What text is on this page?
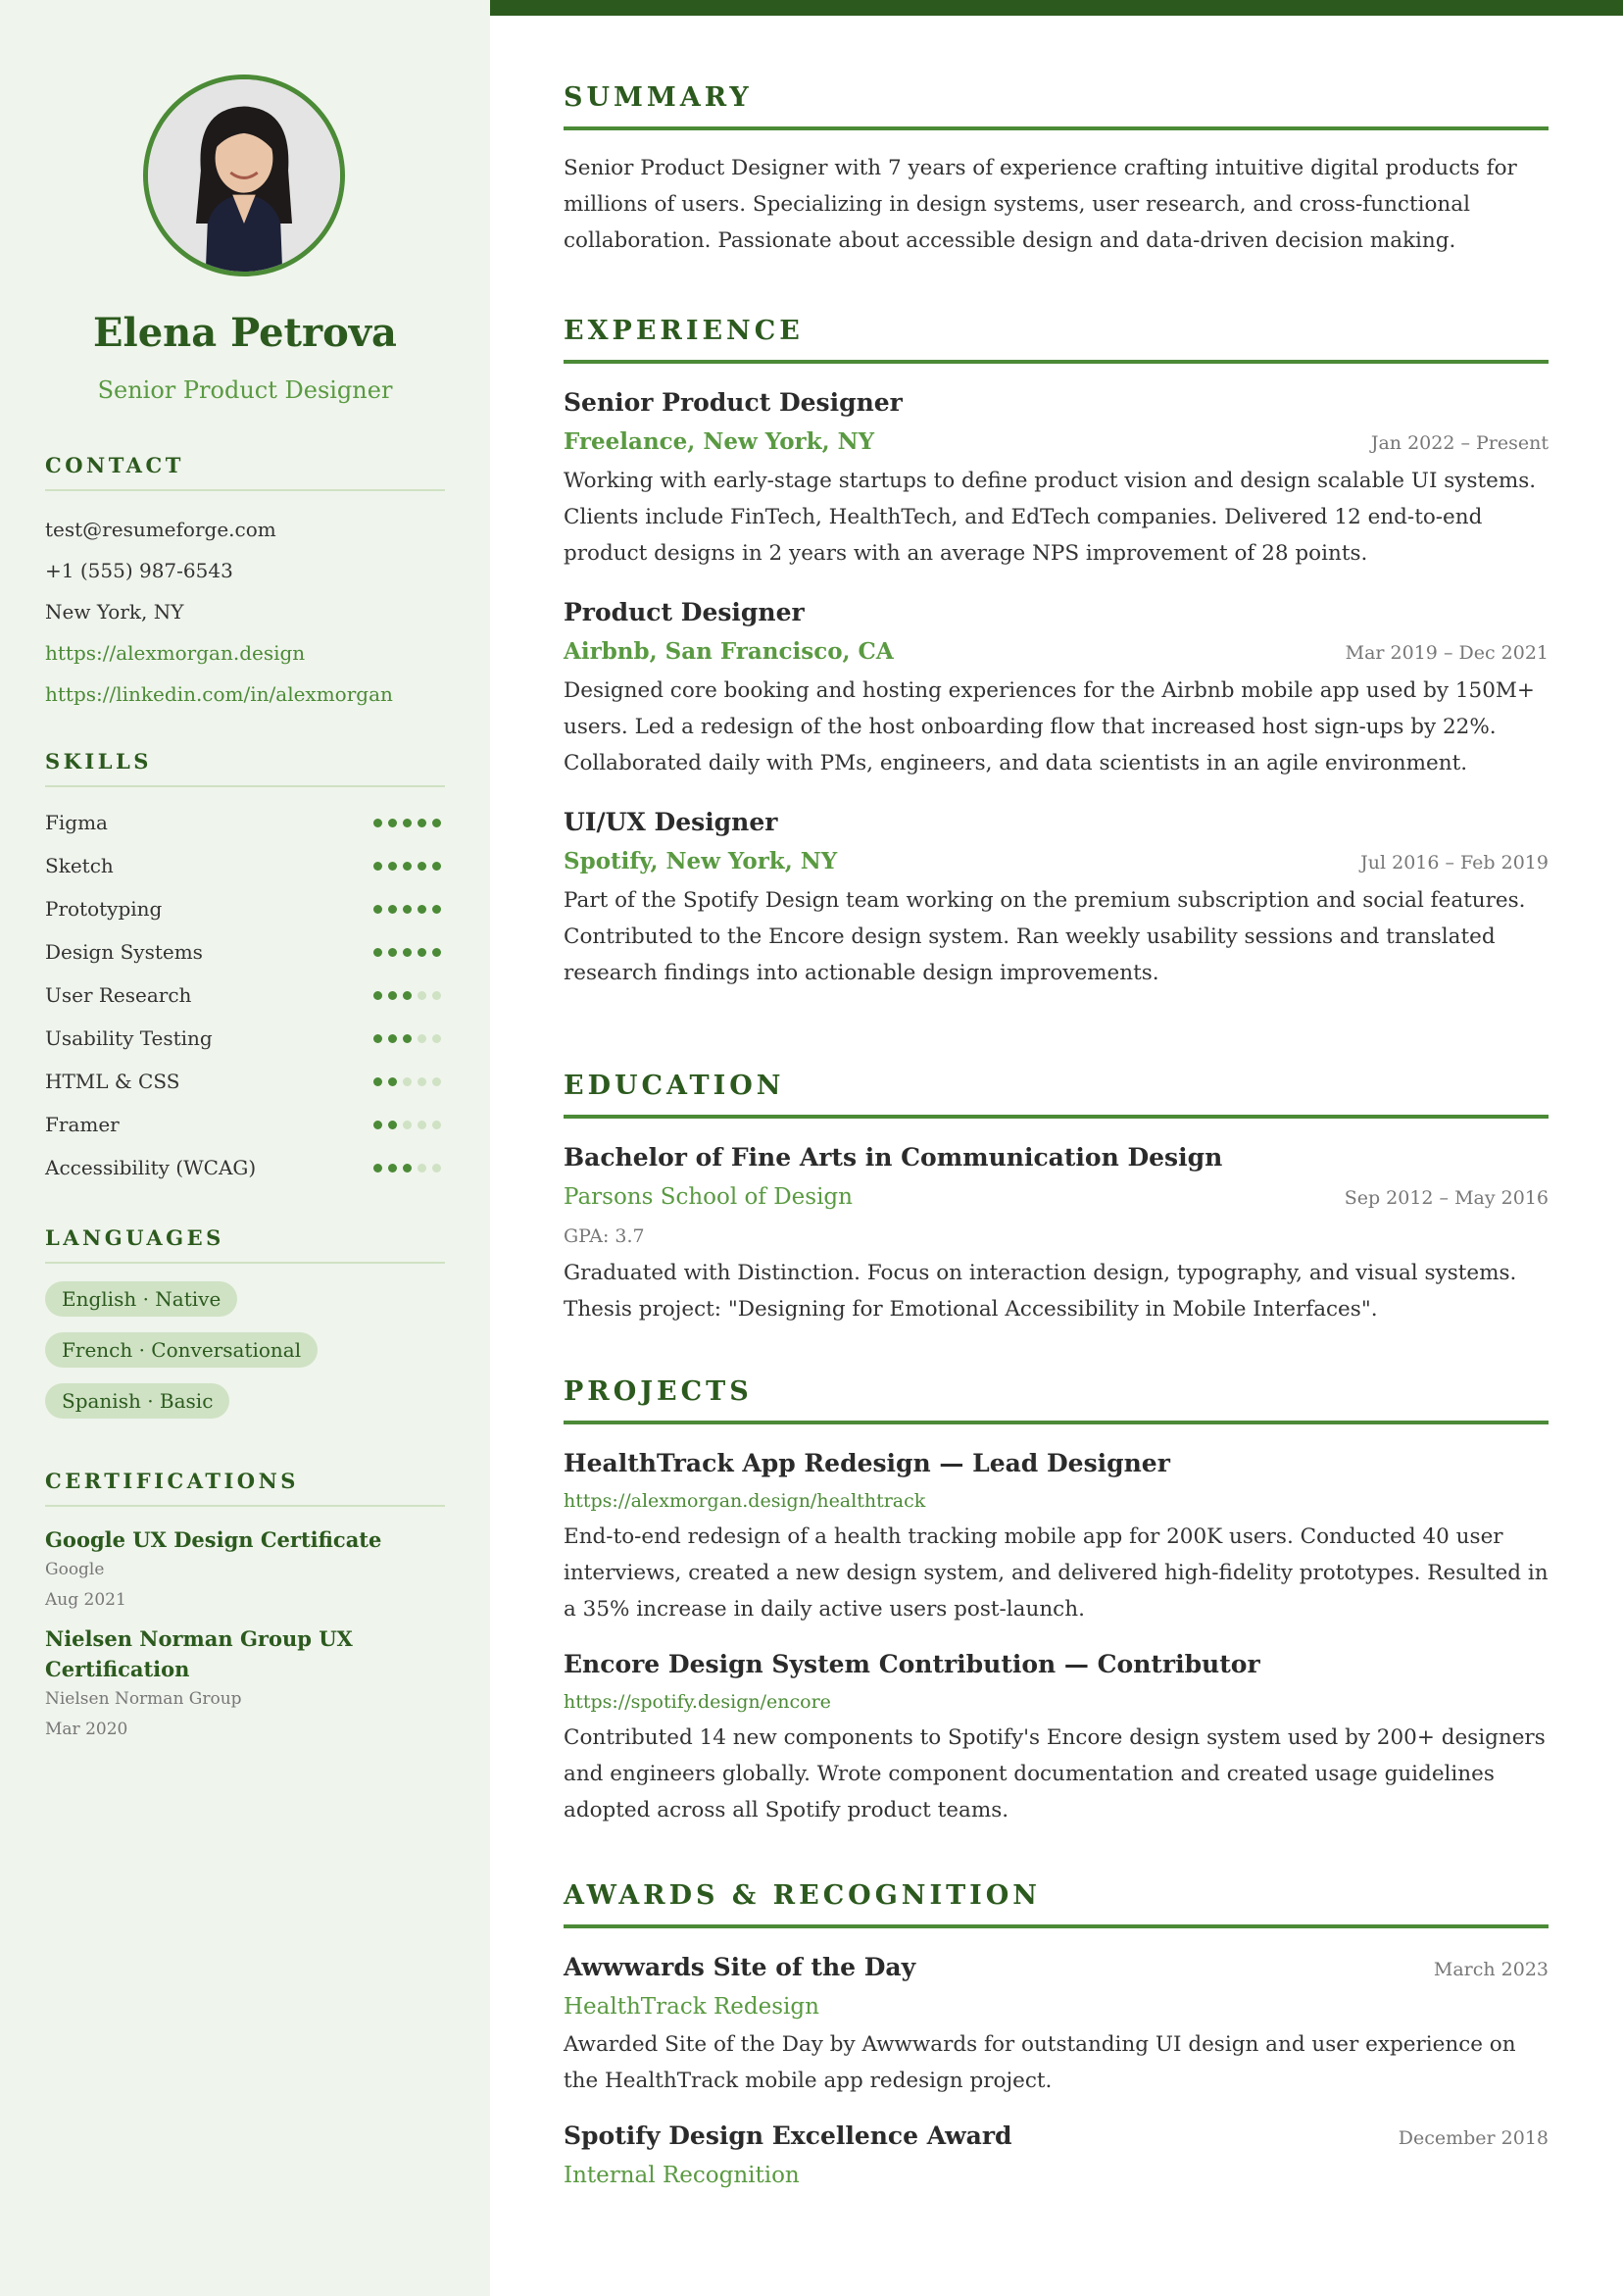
Elena Petrova
Senior Product Designer
CONTACT
test@resumeforge.com
+1 (555) 987-6543
New York, NY
https://alexmorgan.design
https://linkedin.com/in/alexmorgan
SKILLS
Figma
Sketch
Prototyping
Design Systems
User Research
Usability Testing
HTML & CSS
Framer
Accessibility (WCAG)
LANGUAGES
English · Native
French · Conversational
Spanish · Basic
CERTIFICATIONS
Google UX Design Certificate
Google
Aug 2021
Nielsen Norman Group UX Certification
Nielsen Norman Group
Mar 2020
SUMMARY

Senior Product Designer with 7 years of experience crafting intuitive digital products for millions of users. Specializing in design systems, user research, and cross-functional collaboration. Passionate about accessible design and data-driven decision making.

EXPERIENCE
Senior Product Designer
Freelance, New York, NY	Jan 2022 – Present
Working with early-stage startups to define product vision and design scalable UI systems. Clients include FinTech, HealthTech, and EdTech companies. Delivered 12 end-to-end product designs in 2 years with an average NPS improvement of 28 points.
Product Designer
Airbnb, San Francisco, CA	Mar 2019 – Dec 2021
Designed core booking and hosting experiences for the Airbnb mobile app used by 150M+ users. Led a redesign of the host onboarding flow that increased host sign-ups by 22%. Collaborated daily with PMs, engineers, and data scientists in an agile environment.
UI/UX Designer
Spotify, New York, NY	Jul 2016 – Feb 2019
Part of the Spotify Design team working on the premium subscription and social features. Contributed to the Encore design system. Ran weekly usability sessions and translated research findings into actionable design improvements.
EDUCATION
Bachelor of Fine Arts in Communication Design
Parsons School of Design	Sep 2012 – May 2016
GPA: 3.7
Graduated with Distinction. Focus on interaction design, typography, and visual systems. Thesis project: "Designing for Emotional Accessibility in Mobile Interfaces".
PROJECTS
HealthTrack App Redesign — Lead Designer
https://alexmorgan.design/healthtrack
End-to-end redesign of a health tracking mobile app for 200K users. Conducted 40 user interviews, created a new design system, and delivered high-fidelity prototypes. Resulted in a 35% increase in daily active users post-launch.
Encore Design System Contribution — Contributor
https://spotify.design/encore
Contributed 14 new components to Spotify's Encore design system used by 200+ designers and engineers globally. Wrote component documentation and created usage guidelines adopted across all Spotify product teams.
AWARDS & RECOGNITION
Awwwards Site of the Day	March 2023
HealthTrack Redesign
Awarded Site of the Day by Awwwards for outstanding UI design and user experience on the HealthTrack mobile app redesign project.
Spotify Design Excellence Award	December 2018
Internal Recognition
